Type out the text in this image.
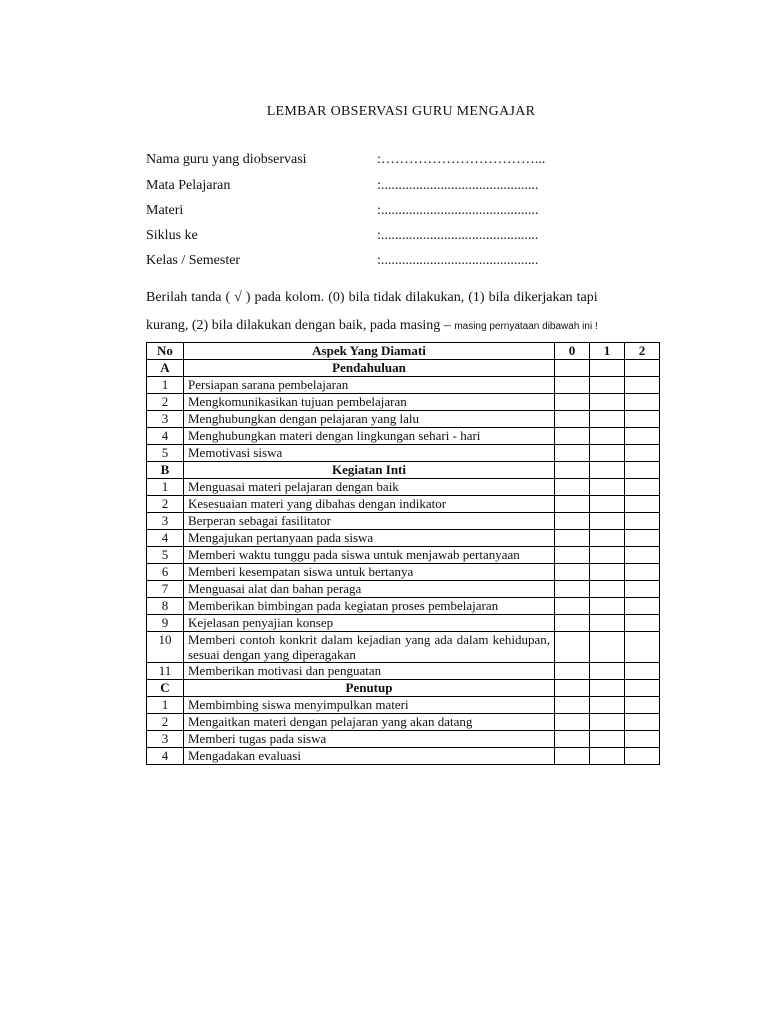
LEMBAR OBSERVASI GURU MENGAJAR
Nama guru yang diobservasi	:……………………………...
Mata Pelajaran	:.............................................
Materi	:.............................................
Siklus ke	:.............................................
Kelas / Semester	:.............................................
Berilah tanda ( √ ) pada kolom. (0) bila tidak dilakukan, (1) bila dikerjakan tapi
kurang, (2) bila dilakukan dengan baik, pada masing – masing pernyataan dibawah ini !
No	Aspek Yang Diamati	0	1	2
A	Pendahuluan			
1	Persiapan sarana pembelajaran			
2	Mengkomunikasikan tujuan pembelajaran			
3	Menghubungkan dengan pelajaran yang lalu			
4	Menghubungkan materi dengan lingkungan sehari - hari			
5	Memotivasi siswa			
B	Kegiatan Inti			
1	Menguasai materi pelajaran dengan baik			
2	Kesesuaian materi yang dibahas dengan indikator			
3	Berperan sebagai fasilitator			
4	Mengajukan pertanyaan pada siswa			
5	Memberi waktu tunggu pada siswa untuk menjawab pertanyaan			
6	Memberi kesempatan siswa untuk bertanya			
7	Menguasai alat dan bahan peraga			
8	Memberikan bimbingan pada kegiatan proses pembelajaran			
9	Kejelasan penyajian konsep			
10	Memberi contoh konkrit dalam kejadian yang ada dalam kehidupan, sesuai dengan yang diperagakan			
11	Memberikan motivasi dan penguatan			
C	Penutup			
1	Membimbing siswa menyimpulkan materi			
2	Mengaitkan materi dengan pelajaran yang akan datang			
3	Memberi tugas pada siswa			
4	Mengadakan evaluasi			
